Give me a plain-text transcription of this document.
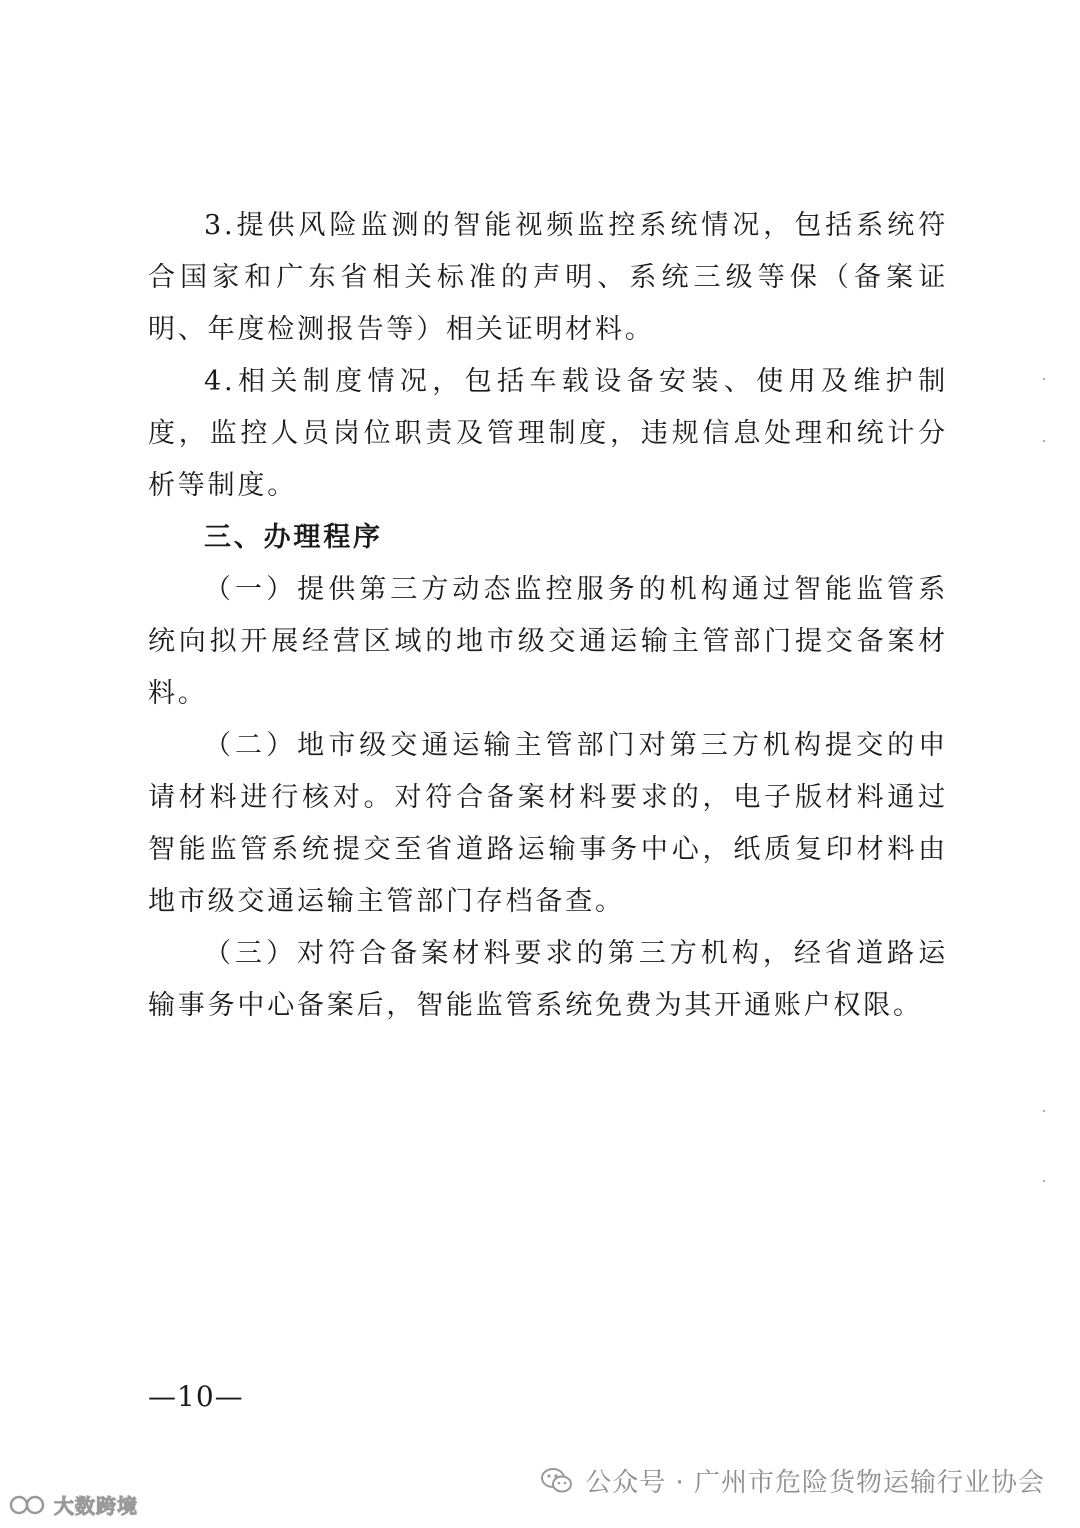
3.提供风险监测的智能视频监控系统情况，包括系统符合国家和广东省相关标准的声明、系统三级等保（备案证明、年度检测报告等）相关证明材料。

4.相关制度情况，包括车载设备安装、使用及维护制度，监控人员岗位职责及管理制度，违规信息处理和统计分析等制度。

三、办理程序

（一）提供第三方动态监控服务的机构通过智能监管系统向拟开展经营区域的地市级交通运输主管部门提交备案材料。

（二）地市级交通运输主管部门对第三方机构提交的申请材料进行核对。对符合备案材料要求的，电子版材料通过智能监管系统提交至省道路运输事务中心，纸质复印材料由地市级交通运输主管部门存档备查。

（三）对符合备案材料要求的第三方机构，经省道路运输事务中心备案后，智能监管系统免费为其开通账户权限。

—10—
公众号 · 广州市危险货物运输行业协会
大数跨境
